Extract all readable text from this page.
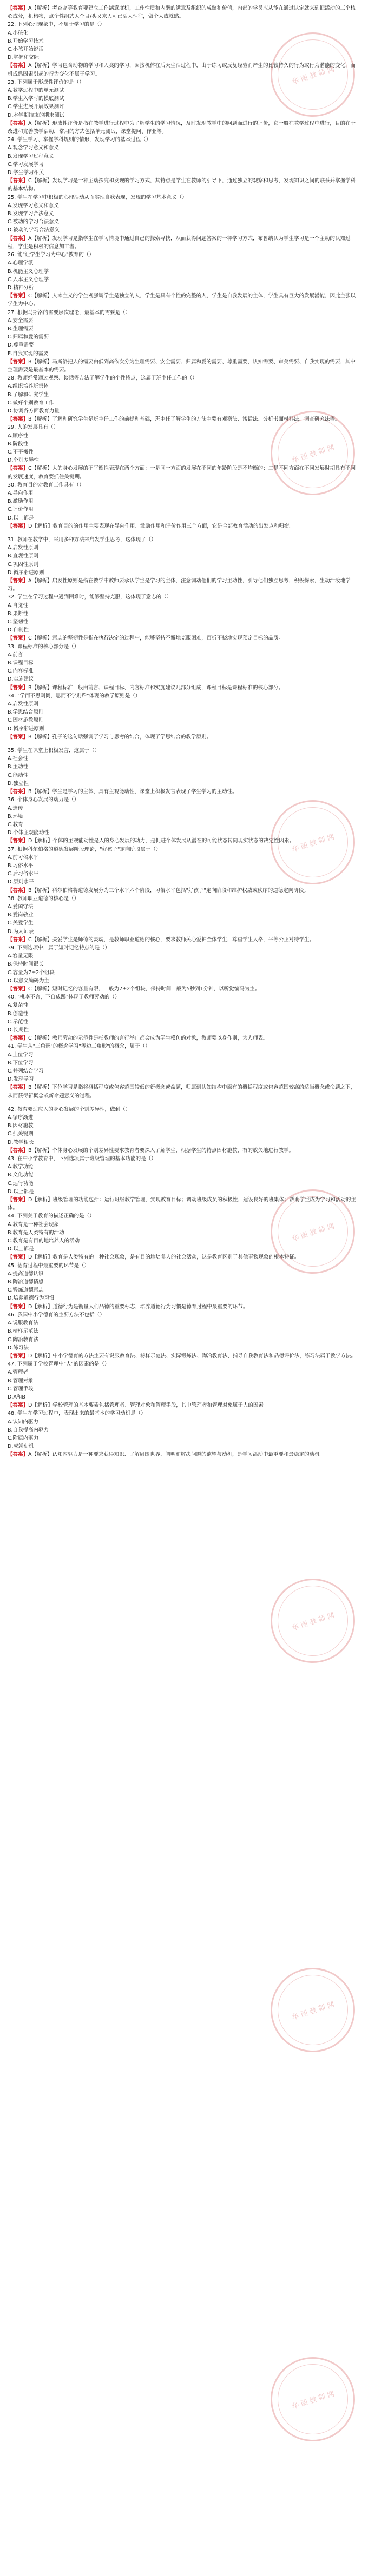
【答案】A【解析】考查高等教育要建立工作满意度机，工作性质和内酬的满意及组织的成熟和价值，内部的学员应从能在通过认定就来到把活动的三个核心成分，机构物，点个性组式人个目/头又来人可已活大性往，做个大成就感。
22. 下列心理现象中，不属于学习的是（）
A.小孩化
B.开始学习技术
C.小孩开始说话
D.掌握和交际
【答案】A【解析】学习包含动物的学习和人类的学习，因按机体在后天生活过程中，由于练习或反复经验而产生的比较持久的行为或行为潜能的变化，而机成熟因素引起的行为变化不属于学习。
23. 下列属于形成性评价的是（）
A.教学过程中的单元测试
B.学生入学时的摸底测试
C.学生进展开展效果测评
D.本学期结束的期末测试
【答案】A【解析】形成性评价是指在教学进行过程中为了解学生的学习情况，及时发现教学中的问题而进行的评价，它一般在教学过程中进行，目的在于改进和完善教学活动，常用的方式包括单元测试、课堂提问、作业等。
24. 学生学习、掌握学科规则的情形，发现学习的基本过程（）
A.观念学习意义和意义
B.发现学习过程意义
C.学习发展学习
D.学生学习相关
【答案】C【解析】发现学习是一种主动探究和发现的学习方式，其特点是学生在教师的引导下，通过独立的观察和思考，发现知识之间的联系并掌握学科的基本结构。
25. 学生在学习中积极的心理活动从而实现自我表现，发现的学习基本意义（）
A.发现学习意义和意义
B.发现学习合法意义
C.被动的学习合法意义
D.被动的学习合法意义
【答案】A【解析】发现学习是指学生在学习情境中通过自己的探索寻找，从而获得问题答案的一种学习方式，布鲁纳认为学生学习是一个主动的认知过程，学生是积极的信息加工者。
26. 能"让学生学习为中心"教育的（）
A.心理学派
B.机能主义心理学
C.人本主义心理学
D.精神分析
【答案】C【解析】人本主义的学生观强调学生是独立的人，学生是具有个性的完整的人，学生是自我发展的主体，学生具有巨大的发展潜能，因此主张以学生为中心。
27. 根据马斯洛的需要层次理论，最基本的需要是（）
A.安全需要
B.生理需要
C.归属和爱的需要
D.尊重需要
E.自我实现的需要
【答案】B【解析】马斯洛把人的需要由低到高依次分为生理需要、安全需要、归属和爱的需要、尊重需要、认知需要、审美需要、自我实现的需要，其中生理需要是最基本的需要。
28. 教师经常通过观察、谈话等方法了解学生的个性特点，这属于班主任工作的（）
A.组织培养班集体
B.了解和研究学生
C.做好个别教育工作
D.协调各方面教育力量
【答案】B【解析】了解和研究学生是班主任工作的前提和基础，班主任了解学生的方法主要有观察法、谈话法、分析书面材料法、调查研究法等。
29. 人的发展具有（）
A.顺序性
B.阶段性
C.不平衡性
D.个别差异性
【答案】C【解析】人的身心发展的不平衡性表现在两个方面：一是同一方面的发展在不同的年龄阶段是不均衡的；二是不同方面在不同发展时期具有不同的发展速度，教育要抓住关键期。
30. 教育目的对教育工作具有（）
A.导向作用
B.激励作用
C.评价作用
D.以上都是
【答案】D【解析】教育目的的作用主要表现在导向作用、激励作用和评价作用三个方面，它是全部教育活动的出发点和归宿。
31. 教师在教学中，采用多种方法来启发学生思考，这体现了（）
A.启发性原则
B.直观性原则
C.巩固性原则
D.循序渐进原则
【答案】A【解析】启发性原则是指在教学中教师要承认学生是学习的主体，注意调动他们的学习主动性，引导他们独立思考，积极探索，生动活泼地学习。
32. 学生在学习过程中遇到困难时，能够坚持克服，这体现了意志的（）
A.自觉性
B.果断性
C.坚韧性
D.自制性
【答案】C【解析】意志的坚韧性是指在执行决定的过程中，能够坚持不懈地克服困难，百折不挠地实现预定目标的品质。
33. 课程标准的核心部分是（）
A.前言
B.课程目标
C.内容标准
D.实施建议
【答案】B【解析】课程标准一般由前言、课程目标、内容标准和实施建议几部分组成，课程目标是课程标准的核心部分。
34. "学而不思则罔，思而不学则殆"体现的教学原则是（）
A.启发性原则
B.学思结合原则
C.因材施教原则
D.循序渐进原则
【答案】B【解析】孔子的这句话强调了学习与思考的结合，体现了学思结合的教学原则。
35. 学生在课堂上积极发言，这属于（）
A.社会性
B.主动性
C.能动性
D.独立性
【答案】B【解析】学生是学习的主体，具有主观能动性，课堂上积极发言表现了学生学习的主动性。
36. 个体身心发展的动力是（）
A.遗传
B.环境
C.教育
D.个体主观能动性
【答案】D【解析】个体的主观能动性是人的身心发展的动力，是促进个体发展从潜在的可能状态转向现实状态的决定性因素。
37. 根据科尔伯格的道德发展阶段理论，"好孩子"定向阶段属于（）
A.前习俗水平
B.习俗水平
C.后习俗水平
D.原则水平
【答案】B【解析】科尔伯格将道德发展分为三个水平六个阶段，习俗水平包括"好孩子"定向阶段和维护权威或秩序的道德定向阶段。
38. 教师职业道德的核心是（）
A.爱国守法
B.爱岗敬业
C.关爱学生
D.为人师表
【答案】C【解析】关爱学生是师德的灵魂，是教师职业道德的核心，要求教师关心爱护全体学生，尊重学生人格，平等公正对待学生。
39. 下列选项中，属于短时记忆特点的是（）
A.容量无限
B.保持时间很长
C.容量为7±2个组块
D.以意义编码为主
【答案】C【解析】短时记忆的容量有限，一般为7±2个组块，保持时间一般为5秒到1分钟，以听觉编码为主。
40. "桃李不言，下自成蹊"体现了教师劳动的（）
A.复杂性
B.创造性
C.示范性
D.长期性
【答案】C【解析】教师劳动的示范性是指教师的言行举止都会成为学生模仿的对象，教师要以身作则，为人师表。
41. 学生从"三角形"的概念学习"等边三角形"的概念，属于（）
A.上位学习
B.下位学习
C.并列结合学习
D.发现学习
【答案】B【解析】下位学习是指将概括程度或包容范围较低的新概念或命题，归属到认知结构中原有的概括程度或包容范围较高的适当概念或命题之下，从而获得新概念或新命题意义的过程。
42. 教育要适应人的身心发展的个别差异性，做到（）
A.循序渐进
B.因材施教
C.抓关键期
D.教学相长
【答案】B【解析】个体身心发展的个别差异性要求教育者要深入了解学生，根据学生的特点因材施教，有的放矢地进行教学。
43. 在中小学教育中，下列选项属于班级管理的基本功能的是（）
A.教学功能
B.文化功能
C.运行功能
D.以上都是
【答案】D【解析】班级管理的功能包括：运行班级教学管理，实现教育目标；调动班级成员的积极性，建设良好的班集体；帮助学生成为学习和活动的主体。
44. 下列关于教育的描述正确的是（）
A.教育是一种社会现象
B.教育是人类特有的活动
C.教育是有目的地培养人的活动
D.以上都是
【答案】D【解析】教育是人类特有的一种社会现象，是有目的地培养人的社会活动，这是教育区别于其他事物现象的根本特征。
45. 德育过程中最重要的环节是（）
A.提高道德认识
B.陶冶道德情感
C.锻炼道德意志
D.培养道德行为习惯
【答案】D【解析】道德行为是衡量人们品德的重要标志，培养道德行为习惯是德育过程中最重要的环节。
46. 我国中小学德育的主要方法不包括（）
A.说服教育法
B.榜样示范法
C.陶冶教育法
D.练习法
【答案】D【解析】中小学德育的方法主要有说服教育法、榜样示范法、实际锻炼法、陶冶教育法、指导自我教育法和品德评价法，练习法属于教学方法。
47. 下列属于学校管理中"人"的因素的是（）
A.管理者
B.管理对象
C.管理手段
D.A和B
【答案】D【解析】学校管理的基本要素包括管理者、管理对象和管理手段，其中管理者和管理对象属于人的因素。
48. 学生在学习过程中，表现出来的最基本的学习动机是（）
A.认知内驱力
B.自我提高内驱力
C.附属内驱力
D.成就动机
【答案】A【解析】认知内驱力是一种要求获得知识、了解周围世界、阐明和解决问题的欲望与动机，是学习活动中最重要和最稳定的动机。
华 图 教 师 网
华 图 教 师 网
华 图 教 师 网
华 图 教 师 网
华 图 教 师 网
华 图 教 师 网
华 图 教 师 网
